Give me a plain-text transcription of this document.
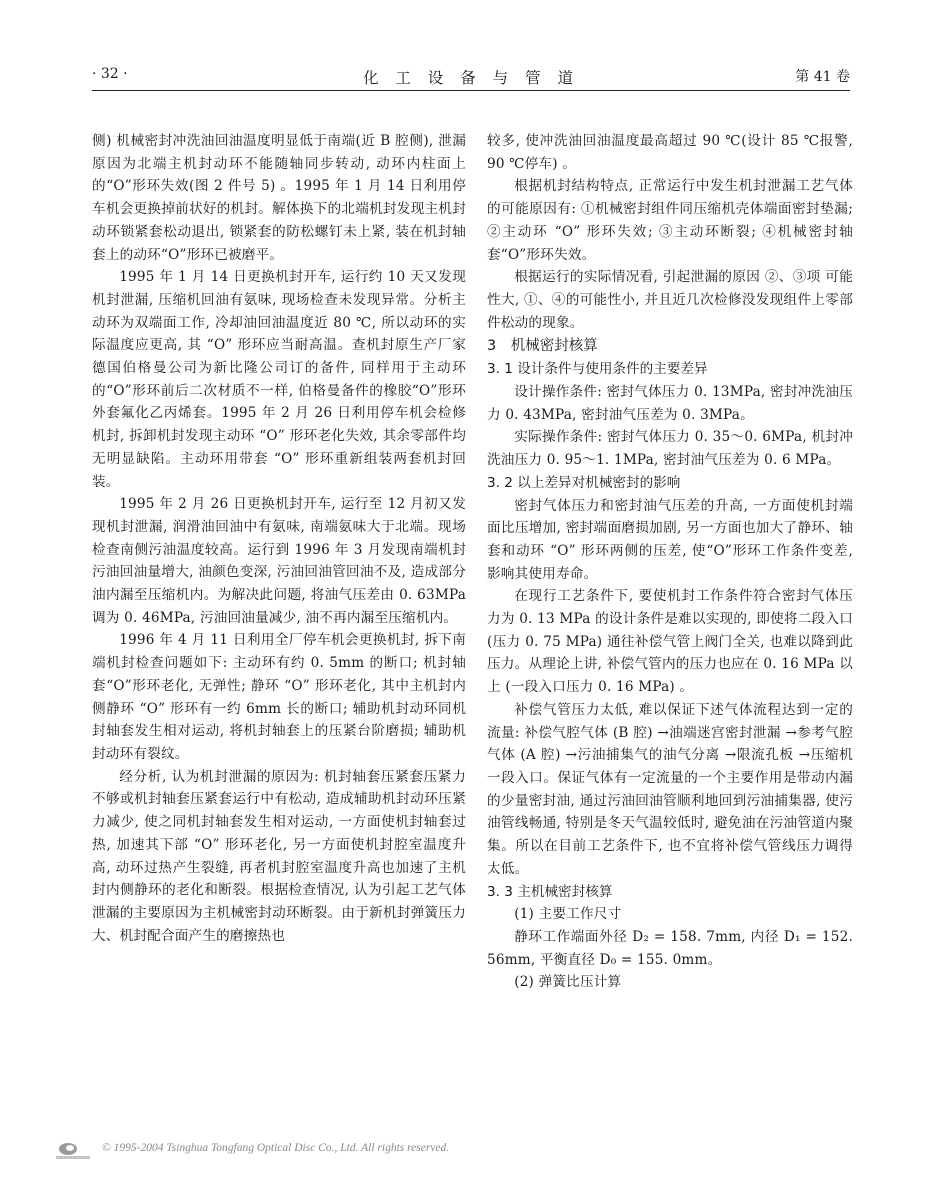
· 32 ·	化 工 设 备 与 管 道	第 41 卷

侧) 机械密封冲洗油回油温度明显低于南端(近 B 腔侧), 泄漏原因为北端主机封动环不能随轴同步转动, 动环内柱面上的“O”形环失效(图 2 件号 5) 。1995 年 1 月 14 日利用停车机会更换掉前状好的机封。解体换下的北端机封发现主机封动环锁紧套松动退出, 锁紧套的防松螺钉未上紧, 装在机封轴套上的动环“O”形环已被磨平。

1995 年 1 月 14 日更换机封开车, 运行约 10 天又发现机封泄漏, 压缩机回油有氨味, 现场检查未发现异常。分析主动环为双端面工作, 冷却油回油温度近 80 ℃, 所以动环的实际温度应更高, 其 “O” 形环应当耐高温。查机封原生产厂家德国伯格曼公司为新比隆公司订的备件, 同样用于主动环的“O”形环前后二次材质不一样, 伯格曼备件的橡胶“O”形环外套氟化乙丙烯套。1995 年 2 月 26 日利用停车机会检修机封, 拆卸机封发现主动环 “O” 形环老化失效, 其余零部件均无明显缺陷。主动环用带套 “O” 形环重新组装两套机封回装。

1995 年 2 月 26 日更换机封开车, 运行至 12 月初又发现机封泄漏, 润滑油回油中有氨味, 南端氨味大于北端。现场检查南侧污油温度较高。运行到 1996 年 3 月发现南端机封污油回油量增大, 油颜色变深, 污油回油管回油不及, 造成部分油内漏至压缩机内。为解决此问题, 将油气压差由 0. 63MPa 调为 0. 46MPa, 污油回油量减少, 油不再内漏至压缩机内。

1996 年 4 月 11 日利用全厂停车机会更换机封, 拆下南端机封检查问题如下: 主动环有约 0. 5mm 的断口; 机封轴套“O”形环老化, 无弹性; 静环 “O” 形环老化, 其中主机封内侧静环 “O” 形环有一约 6mm 长的断口; 辅助机封动环同机封轴套发生相对运动, 将机封轴套上的压紧台阶磨损; 辅助机封动环有裂纹。

经分析, 认为机封泄漏的原因为: 机封轴套压紧套压紧力不够或机封轴套压紧套运行中有松动, 造成辅助机封动环压紧力减少, 使之同机封轴套发生相对运动, 一方面使机封轴套过热, 加速其下部 “O” 形环老化, 另一方面使机封腔室温度升高, 动环过热产生裂缝, 再者机封腔室温度升高也加速了主机封内侧静环的老化和断裂。根据检查情况, 认为引起工艺气体泄漏的主要原因为主机械密封动环断裂。由于新机封弹簧压力大、机封配合面产生的磨擦热也

较多, 使冲洗油回油温度最高超过 90 ℃(设计 85 ℃报警, 90 ℃停车) 。

根据机封结构特点, 正常运行中发生机封泄漏工艺气体的可能原因有: ①机械密封组件同压缩机壳体端面密封垫漏; ②主动环 “O” 形环失效; ③主动环断裂; ④机械密封轴套“O”形环失效。

根据运行的实际情况看, 引起泄漏的原因 ②、③项 可能性大, ①、④的可能性小, 并且近几次检修没发现组件上零部件松动的现象。

3　机械密封核算

3. 1 设计条件与使用条件的主要差异

设计操作条件: 密封气体压力 0. 13MPa, 密封冲洗油压力 0. 43MPa, 密封油气压差为 0. 3MPa。

实际操作条件: 密封气体压力 0. 35～0. 6MPa, 机封冲洗油压力 0. 95～1. 1MPa, 密封油气压差为 0. 6 MPa。

3. 2 以上差异对机械密封的影响

密封气体压力和密封油气压差的升高, 一方面使机封端面比压增加, 密封端面磨损加剧, 另一方面也加大了静环、轴套和动环 “O” 形环两侧的压差, 使“O”形环工作条件变差, 影响其使用寿命。

在现行工艺条件下, 要使机封工作条件符合密封气体压力为 0. 13 MPa 的设计条件是难以实现的, 即使将二段入口(压力 0. 75 MPa) 通往补偿气管上阀门全关, 也难以降到此压力。从理论上讲, 补偿气管内的压力也应在 0. 16 MPa 以上 (一段入口压力 0. 16 MPa) 。

补偿气管压力太低, 难以保证下述气体流程达到一定的流量: 补偿气腔气体 (B 腔) →油端迷宫密封泄漏 →参考气腔气体 (A 腔) →污油捕集气的油气分离 →限流孔板 →压缩机一段入口。保证气体有一定流量的一个主要作用是带动内漏的少量密封油, 通过污油回油管顺利地回到污油捕集器, 使污油管线畅通, 特别是冬天气温较低时, 避免油在污油管道内聚集。所以在目前工艺条件下, 也不宜将补偿气管线压力调得太低。

3. 3 主机械密封核算

(1) 主要工作尺寸

静环工作端面外径 D₂ = 158. 7mm, 内径 D₁ = 152. 56mm, 平衡直径 D₀ = 155. 0mm。

(2) 弹簧比压计算

© 1995-2004 Tsinghua Tongfang Optical Disc Co., Ltd. All rights reserved.
